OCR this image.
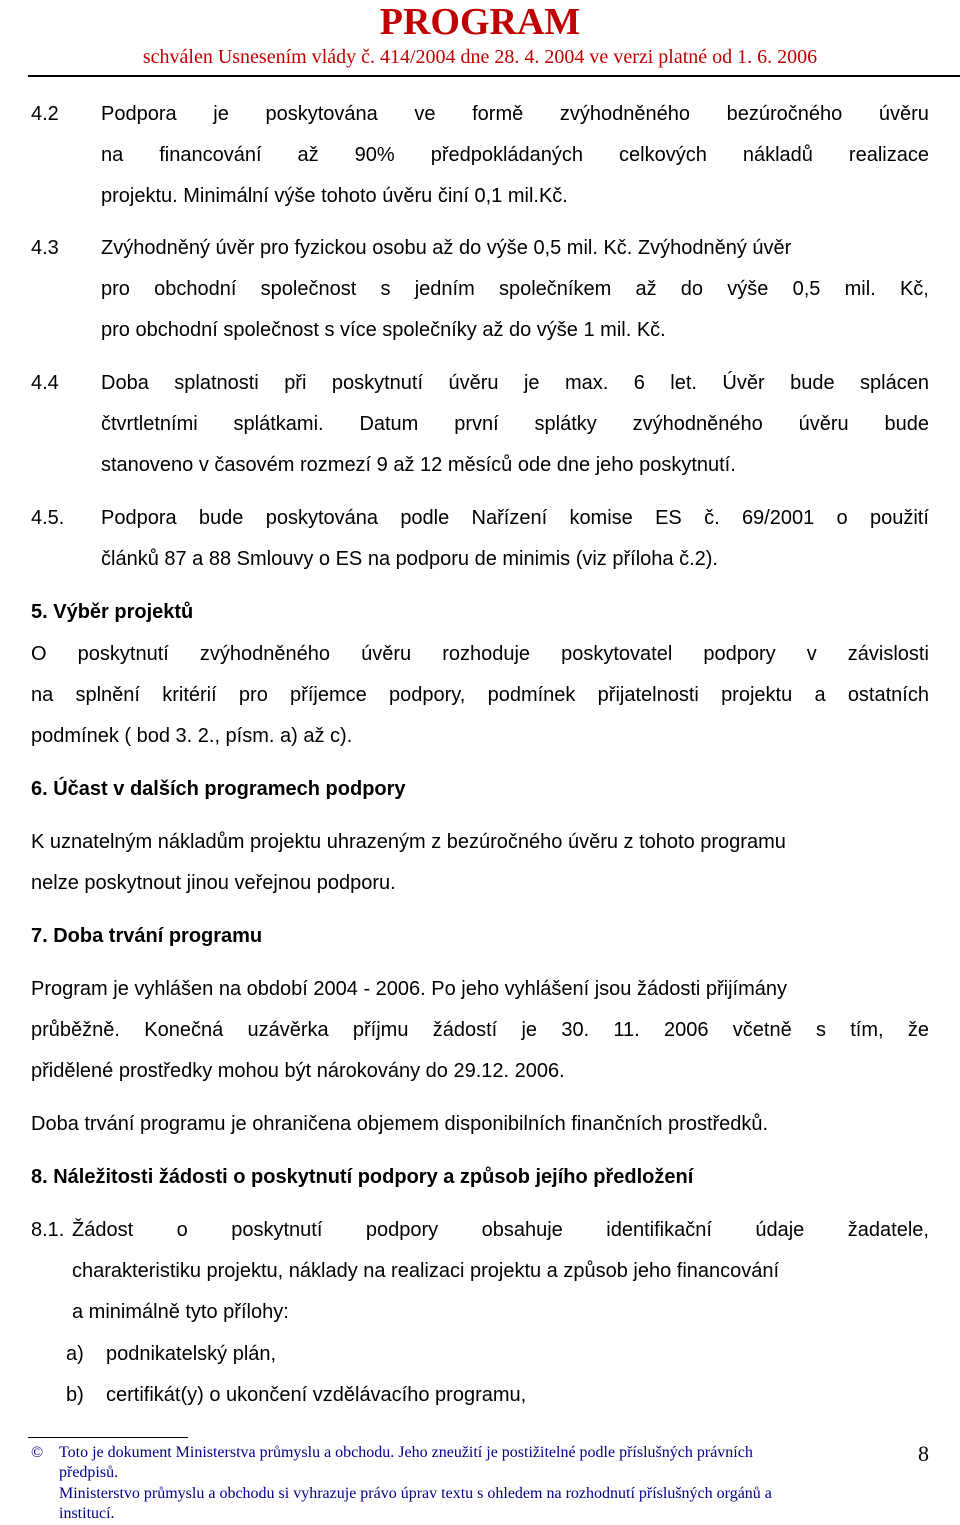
PROGRAM
schválen Usnesením vlády č. 414/2004 dne 28. 4. 2004 ve verzi platné od 1. 6. 2006
4.2 Podpora je poskytována ve formě zvýhodněného bezúročného úvěru
na financování až 90% předpokládaných celkových nákladů realizace
projektu. Minimální výše tohoto úvěru činí 0,1 mil.Kč.
4.3 Zvýhodněný úvěr pro fyzickou osobu až do výše 0,5 mil. Kč. Zvýhodněný úvěr
pro obchodní společnost s jedním společníkem až do výše 0,5 mil. Kč,
pro obchodní společnost s více společníky až do výše 1 mil. Kč.
4.4 Doba splatnosti při poskytnutí úvěru je max. 6 let. Úvěr bude splácen
čtvrtletními splátkami. Datum první splátky zvýhodněného úvěru bude
stanoveno v časovém rozmezí 9 až 12 měsíců ode dne jeho poskytnutí.
4.5. Podpora bude poskytována podle Nařízení komise ES č. 69/2001 o použití
článků 87 a 88 Smlouvy o ES na podporu de minimis (viz příloha č.2).
5. Výběr projektů
O poskytnutí zvýhodněného úvěru rozhoduje poskytovatel podpory v závislosti
na splnění kritérií pro příjemce podpory, podmínek přijatelnosti projektu a ostatních
podmínek ( bod 3. 2., písm. a) až c).
6. Účast v dalších programech podpory
K uznatelným nákladům projektu uhrazeným z bezúročného úvěru z tohoto programu
nelze poskytnout jinou veřejnou podporu.
7. Doba trvání programu
Program je vyhlášen na období 2004 - 2006. Po jeho vyhlášení jsou žádosti přijímány
průběžně. Konečná uzávěrka příjmu žádostí je 30. 11. 2006 včetně s tím, že
přidělené prostředky mohou být nárokovány do 29.12. 2006.
Doba trvání programu je ohraničena objemem disponibilních finančních prostředků.
8. Náležitosti žádosti o poskytnutí podpory a způsob jejího předložení
8.1. Žádost o poskytnutí podpory obsahuje identifikační údaje žadatele,
charakteristiku projektu, náklady na realizaci projektu a způsob jeho financování
a minimálně tyto přílohy:
a) podnikatelský plán,
b) certifikát(y) o ukončení vzdělávacího programu,
© Toto je dokument Ministerstva průmyslu a obchodu. Jeho zneužití je postižitelné podle příslušných právních
předpisů.
Ministerstvo průmyslu a obchodu si vyhrazuje právo úprav textu s ohledem na rozhodnutí příslušných orgánů a
institucí.
8
